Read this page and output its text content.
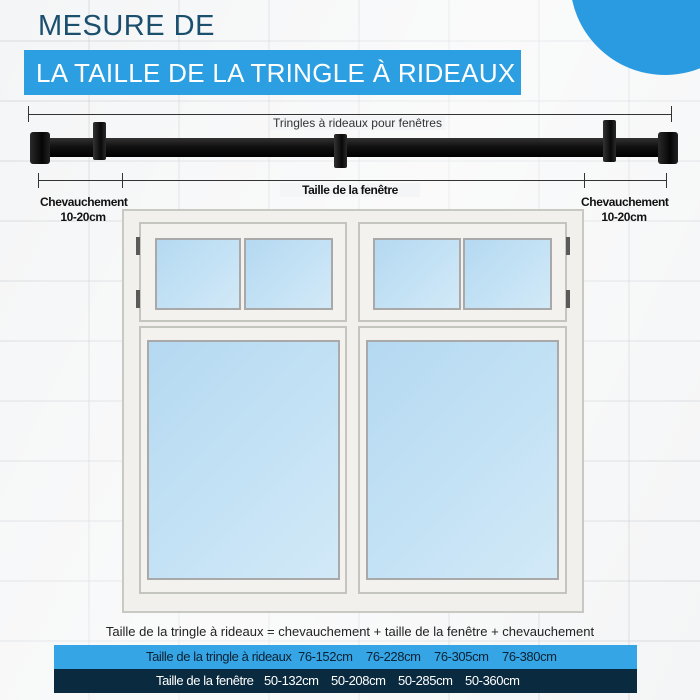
MESURE DE
LA TAILLE DE LA TRINGLE À RIDEAUX
Tringles à rideaux pour fenêtres
Chevauchement
10-20cm
Taille de la fenêtre
Chevauchement
10-20cm
Taille de la tringle à rideaux = chevauchement + taille de la fenêtre + chevauchement
Taille de la tringle à rideaux 76-152cm 76-228cm 76-305cm 76-380cm
Taille de la fenêtre 50-132cm 50-208cm 50-285cm 50-360cm
